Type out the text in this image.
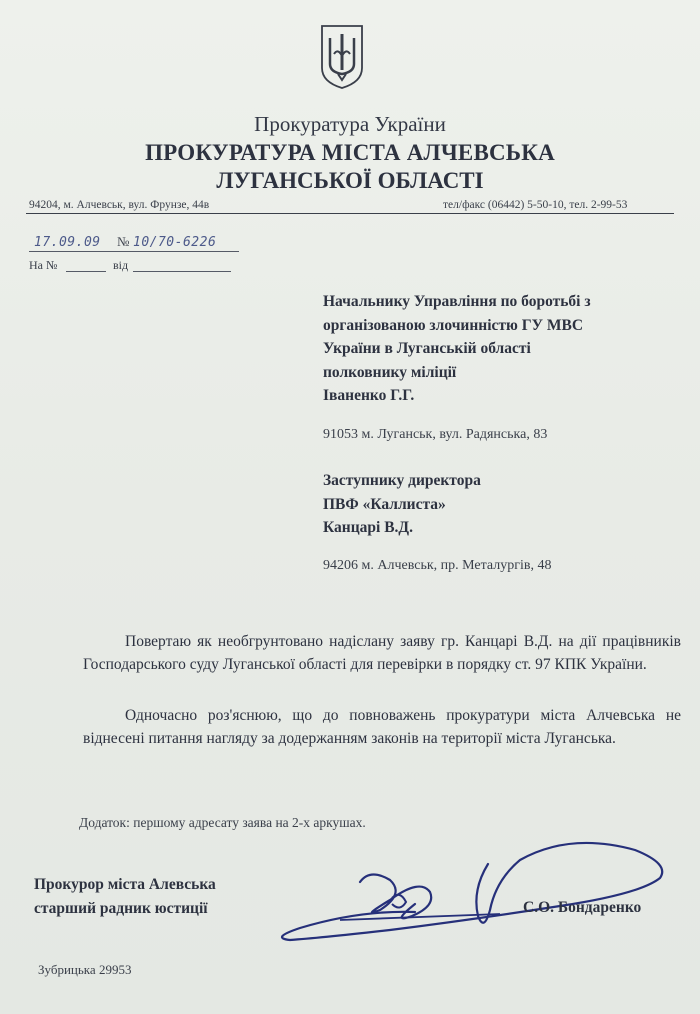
Прокуратура України
ПРОКУРАТУРА МІСТА АЛЧЕВСЬКА
ЛУГАНСЬКОЇ ОБЛАСТІ
94204, м. Алчевськ, вул. Фрунзе, 44в	тел/факс (06442) 5-50-10, тел. 2-99-53
17.09.09 № 10/70-6226
На №	від
Начальнику Управління по боротьбі з
організованою злочинністю ГУ МВС
України в Луганській області
полковнику міліції
Іваненко Г.Г.
91053 м. Луганськ, вул. Радянська, 83
Заступнику директора
ПВФ «Каллиста»
Канцарі В.Д.
94206 м. Алчевськ, пр. Металургів, 48
Повертаю як необгрунтовано надіслану заяву гр. Канцарі В.Д. на дії працівників Господарського суду Луганської області для перевірки в порядку ст. 97 КПК України.
Одночасно роз'яснюю, що до повноважень прокуратури міста Алчевська не віднесені питання нагляду за додержанням законів на території міста Луганська.
Додаток: першому адресату заява на 2-х аркушах.
Прокурор міста Алевська
старший радник юстиції	С.О. Бондаренко
Зубрицька 29953
